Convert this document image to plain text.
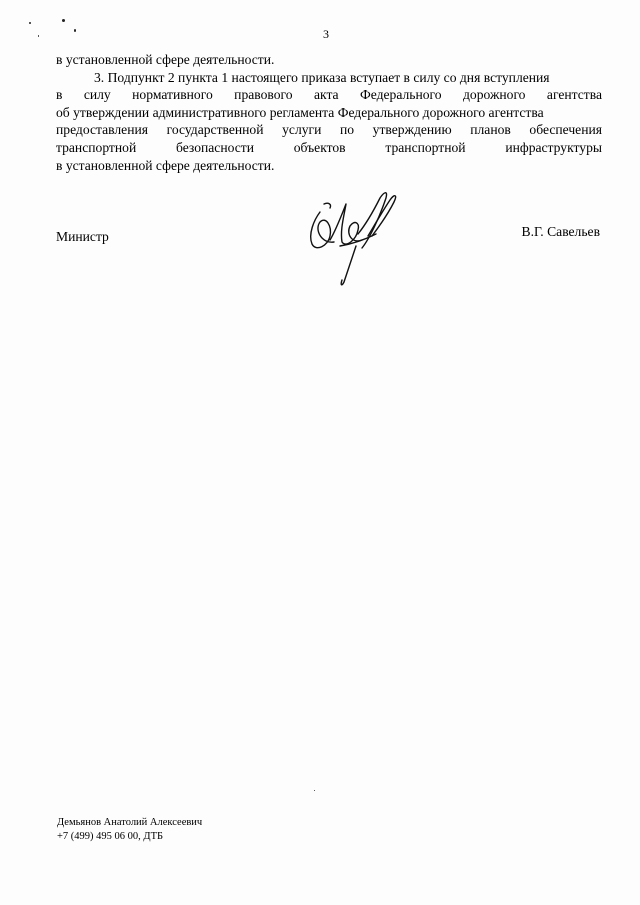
3
в установленной сфере деятельности.
3. Подпункт 2 пункта 1 настоящего приказа вступает в силу со дня вступления
в силу нормативного правового акта Федерального дорожного агентства
об утверждении административного регламента Федерального дорожного агентства
предоставления государственной услуги по утверждению планов обеспечения
транспортной безопасности объектов транспортной инфраструктуры
в установленной сфере деятельности.
Министр	В.Г. Савельев
Демьянов Анатолий Алексеевич
+7 (499) 495 06 00, ДТБ
